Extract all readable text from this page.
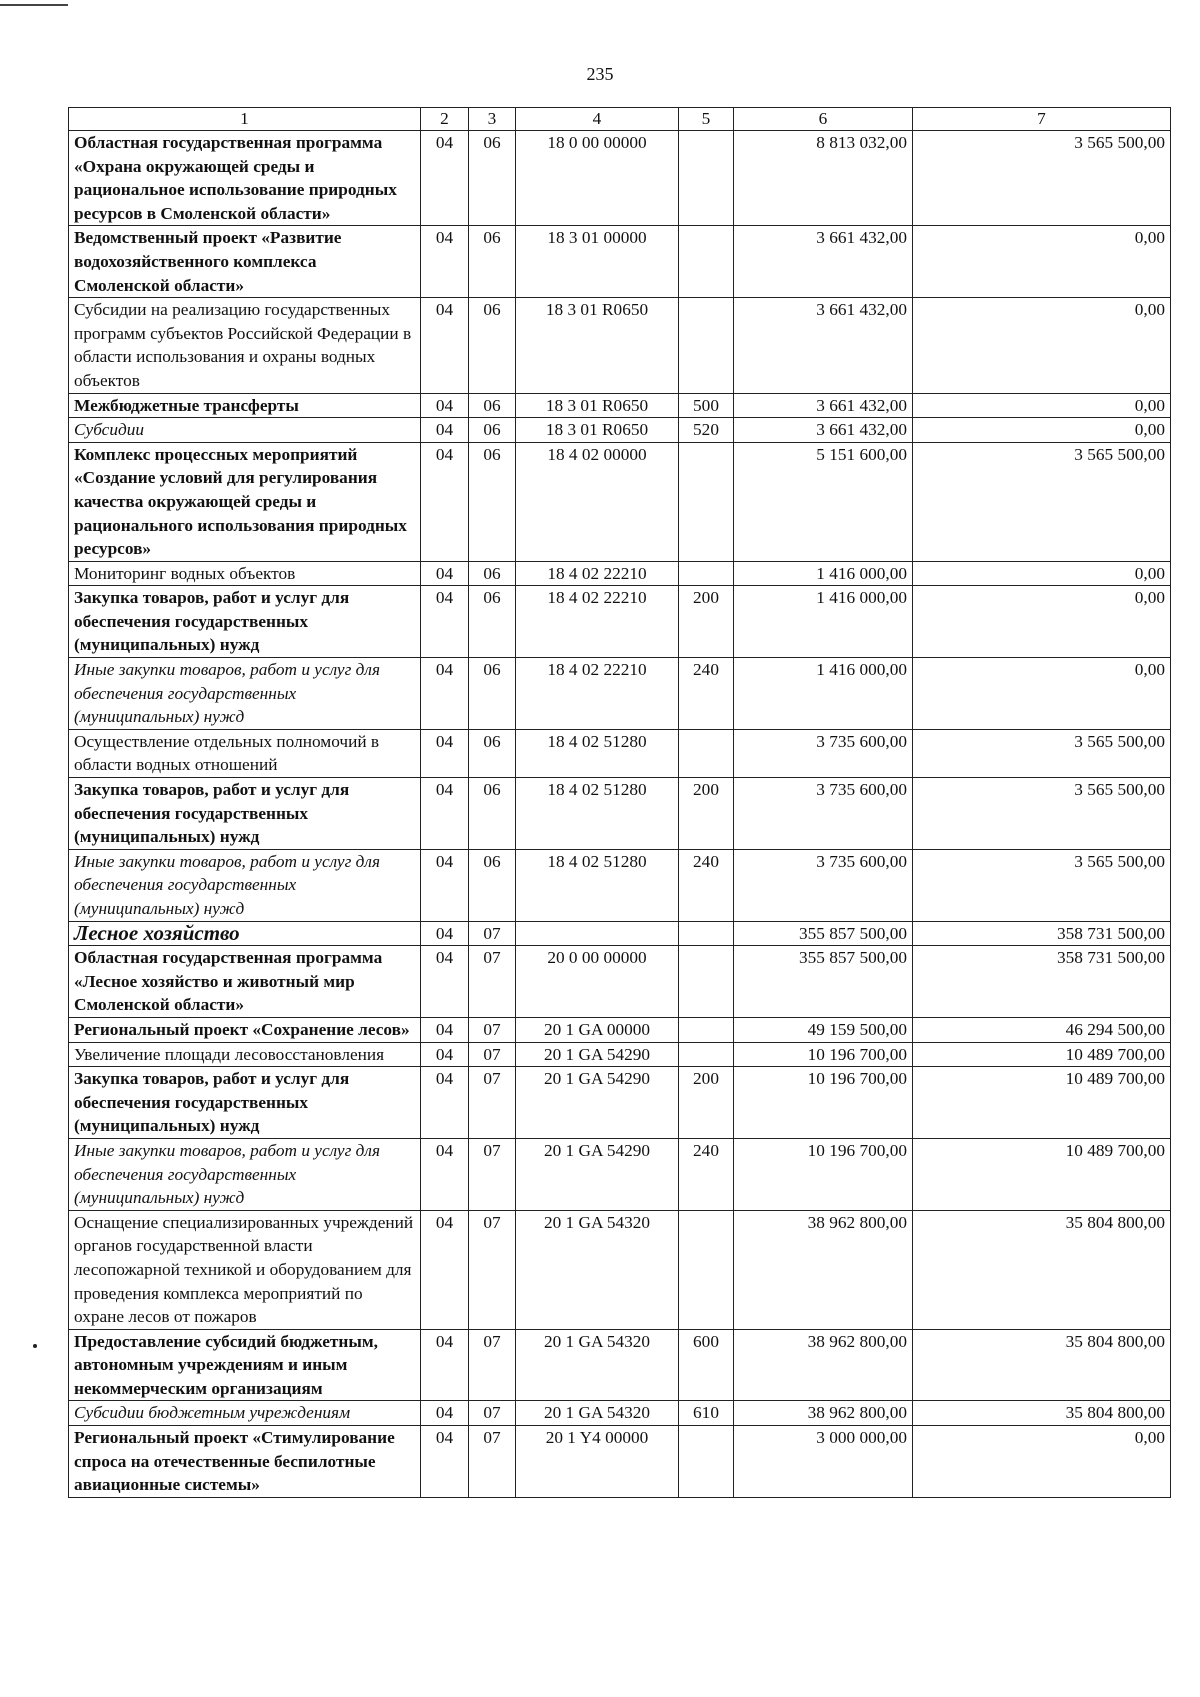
235
1	2	3	4	5	6	7
Областная государственная программа «Охрана окружающей среды и рациональное использование природных ресурсов в Смоленской области»	04	06	18 0 00 00000		8 813 032,00	3 565 500,00
Ведомственный проект «Развитие водохозяйственного комплекса Смоленской области»	04	06	18 3 01 00000		3 661 432,00	0,00
Субсидии на реализацию государственных программ субъектов Российской Федерации в области использования и охраны водных объектов	04	06	18 3 01 R0650		3 661 432,00	0,00
Межбюджетные трансферты	04	06	18 3 01 R0650	500	3 661 432,00	0,00
Субсидии	04	06	18 3 01 R0650	520	3 661 432,00	0,00
Комплекс процессных мероприятий «Создание условий для регулирования качества окружающей среды и рационального использования природных ресурсов»	04	06	18 4 02 00000		5 151 600,00	3 565 500,00
Мониторинг водных объектов	04	06	18 4 02 22210		1 416 000,00	0,00
Закупка товаров, работ и услуг для обеспечения государственных (муниципальных) нужд	04	06	18 4 02 22210	200	1 416 000,00	0,00
Иные закупки товаров, работ и услуг для обеспечения государственных (муниципальных) нужд	04	06	18 4 02 22210	240	1 416 000,00	0,00
Осуществление отдельных полномочий в области водных отношений	04	06	18 4 02 51280		3 735 600,00	3 565 500,00
Закупка товаров, работ и услуг для обеспечения государственных (муниципальных) нужд	04	06	18 4 02 51280	200	3 735 600,00	3 565 500,00
Иные закупки товаров, работ и услуг для обеспечения государственных (муниципальных) нужд	04	06	18 4 02 51280	240	3 735 600,00	3 565 500,00
Лесное хозяйство	04	07			355 857 500,00	358 731 500,00
Областная государственная программа «Лесное хозяйство и животный мир Смоленской области»	04	07	20 0 00 00000		355 857 500,00	358 731 500,00
Региональный проект «Сохранение лесов»	04	07	20 1 GA 00000		49 159 500,00	46 294 500,00
Увеличение площади лесовосстановления	04	07	20 1 GA 54290		10 196 700,00	10 489 700,00
Закупка товаров, работ и услуг для обеспечения государственных (муниципальных) нужд	04	07	20 1 GA 54290	200	10 196 700,00	10 489 700,00
Иные закупки товаров, работ и услуг для обеспечения государственных (муниципальных) нужд	04	07	20 1 GA 54290	240	10 196 700,00	10 489 700,00
Оснащение специализированных учреждений органов государственной власти лесопожарной техникой и оборудованием для проведения комплекса мероприятий по охране лесов от пожаров	04	07	20 1 GA 54320		38 962 800,00	35 804 800,00
Предоставление субсидий бюджетным, автономным учреждениям и иным некоммерческим организациям	04	07	20 1 GA 54320	600	38 962 800,00	35 804 800,00
Субсидии бюджетным учреждениям	04	07	20 1 GA 54320	610	38 962 800,00	35 804 800,00
Региональный проект «Стимулирование спроса на отечественные беспилотные авиационные системы»	04	07	20 1 Y4 00000		3 000 000,00	0,00
